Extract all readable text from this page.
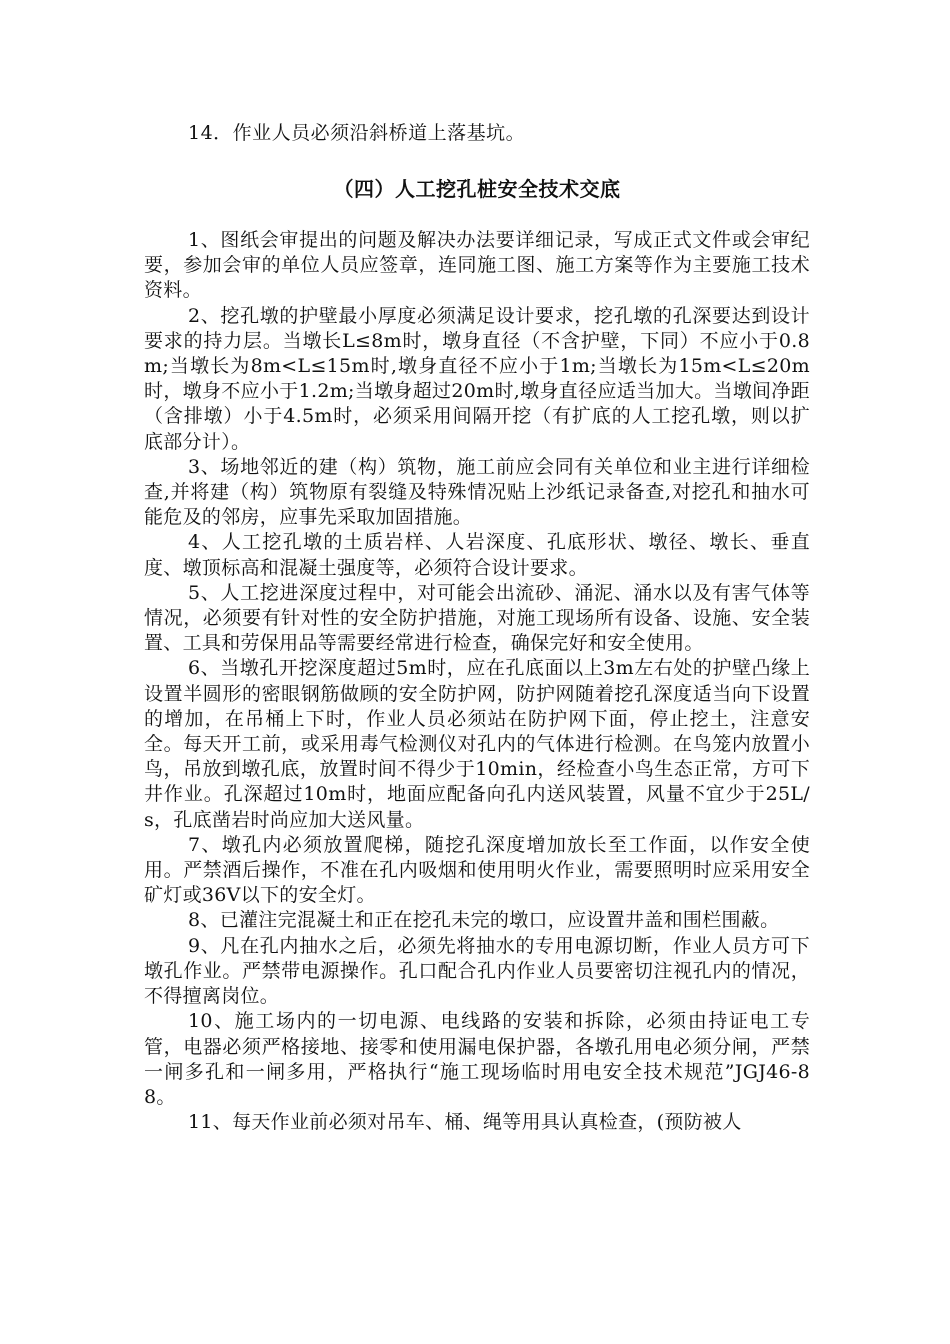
14．作业人员必须沿斜桥道上落基坑。

（四）人工挖孔桩安全技术交底

1、图纸会审提出的问题及解决办法要详细记录，写成正式文件或会审纪要，参加会审的单位人员应签章，连同施工图、施工方案等作为主要施工技术资料。

2、挖孔墩的护壁最小厚度必须满足设计要求，挖孔墩的孔深要达到设计要求的持力层。当墩长L≤8m时，墩身直径（不含护壁，下同）不应小于0.8m;当墩长为8m<L≤15m时,墩身直径不应小于1m;当墩长为15m<L≤20m时，墩身不应小于1.2m;当墩身超过20m时,墩身直径应适当加大。当墩间净距（含排墩）小于4.5m时，必须采用间隔开挖（有扩底的人工挖孔墩，则以扩底部分计）。

3、场地邻近的建（构）筑物，施工前应会同有关单位和业主进行详细检查,并将建（构）筑物原有裂缝及特殊情况贴上沙纸记录备查,对挖孔和抽水可能危及的邻房，应事先采取加固措施。

4、人工挖孔墩的土质岩样、人岩深度、孔底形状、墩径、墩长、垂直度、墩顶标高和混凝土强度等，必须符合设计要求。

5、人工挖进深度过程中，对可能会出流砂、涌泥、涌水以及有害气体等情况，必须要有针对性的安全防护措施，对施工现场所有设备、设施、安全装置、工具和劳保用品等需要经常进行检查，确保完好和安全使用。

6、当墩孔开挖深度超过5m时，应在孔底面以上3m左右处的护壁凸缘上设置半圆形的密眼钢筋做顾的安全防护网，防护网随着挖孔深度适当向下设置的增加，在吊桶上下时，作业人员必须站在防护网下面，停止挖土，注意安全。每天开工前，或采用毒气检测仪对孔内的气体进行检测。在鸟笼内放置小鸟，吊放到墩孔底，放置时间不得少于10min，经检查小鸟生态正常，方可下井作业。孔深超过10m时，地面应配备向孔内送风装置，风量不宜少于25L/s，孔底凿岩时尚应加大送风量。

7、墩孔内必须放置爬梯，随挖孔深度增加放长至工作面，以作安全使用。严禁酒后操作，不准在孔内吸烟和使用明火作业，需要照明时应采用安全矿灯或36V以下的安全灯。

8、已灌注完混凝土和正在挖孔未完的墩口，应设置井盖和围栏围蔽。

9、凡在孔内抽水之后，必须先将抽水的专用电源切断，作业人员方可下墩孔作业。严禁带电源操作。孔口配合孔内作业人员要密切注视孔内的情况，不得擅离岗位。

10、施工场内的一切电源、电线路的安装和拆除，必须由持证电工专管，电器必须严格接地、接零和使用漏电保护器，各墩孔用电必须分闸，严禁一闸多孔和一闸多用，严格执行“施工现场临时用电安全技术规范”JGJ46-88。

11、每天作业前必须对吊车、桶、绳等用具认真检查，(预防被人
